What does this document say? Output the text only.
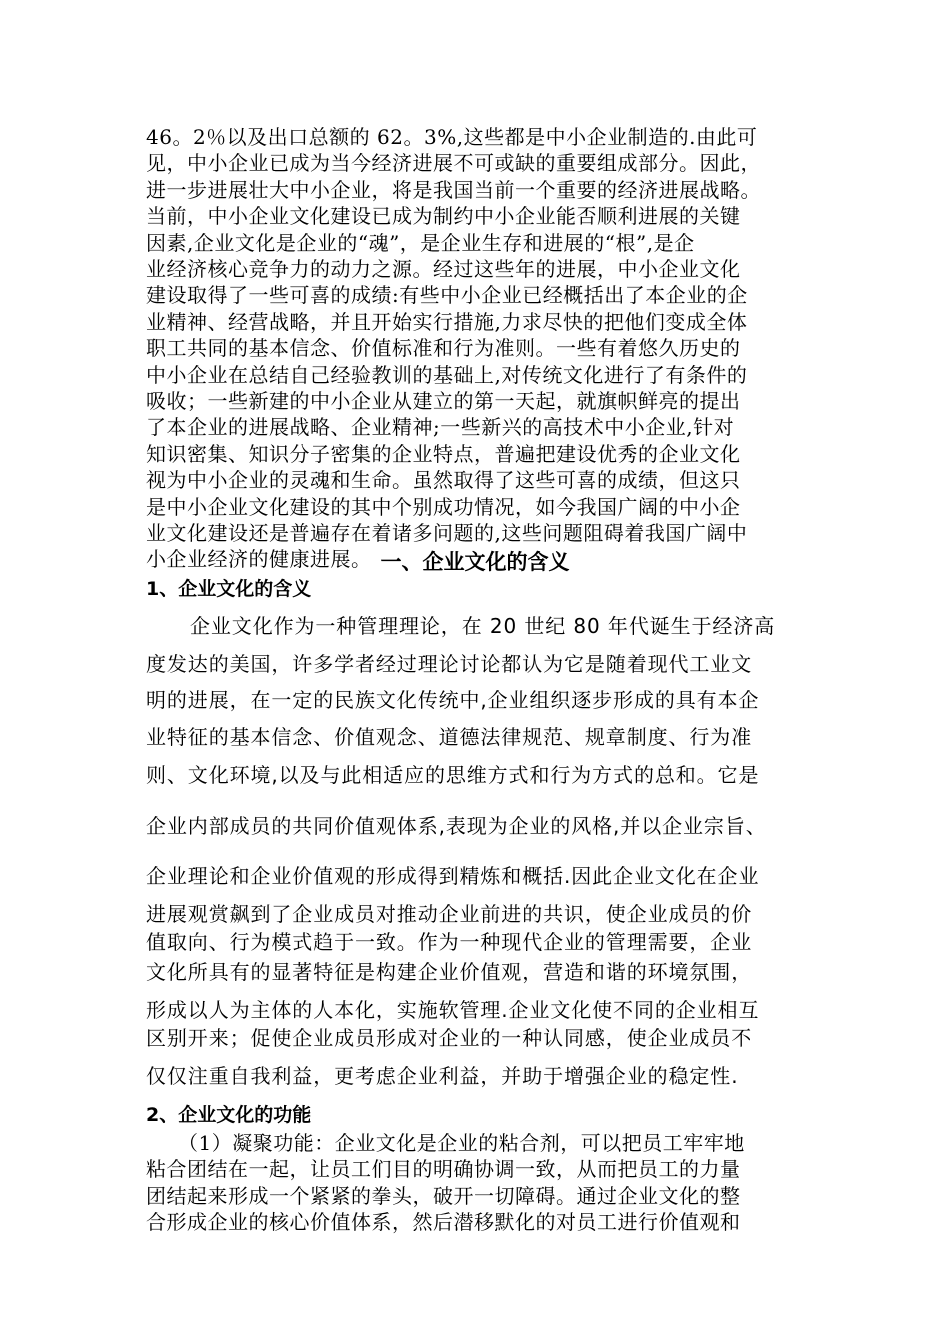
46。2％以及出口总额的 62。3%,这些都是中小企业制造的.由此可

见，中小企业已成为当今经济进展不可或缺的重要组成部分。因此，

进一步进展壮大中小企业，将是我国当前一个重要的经济进展战略。

当前，中小企业文化建设已成为制约中小企业能否顺利进展的关键

因素,企业文化是企业的“魂”，是企业生存和进展的“根”,是企

业经济核心竞争力的动力之源。经过这些年的进展，中小企业文化

建设取得了一些可喜的成绩:有些中小企业已经概括出了本企业的企

业精神、经营战略，并且开始实行措施,力求尽快的把他们变成全体

职工共同的基本信念、价值标准和行为准则。一些有着悠久历史的

中小企业在总结自己经验教训的基础上,对传统文化进行了有条件的

吸收；一些新建的中小企业从建立的第一天起，就旗帜鲜亮的提出

了本企业的进展战略、企业精神;一些新兴的高技术中小企业,针对

知识密集、知识分子密集的企业特点，普遍把建设优秀的企业文化

视为中小企业的灵魂和生命。虽然取得了这些可喜的成绩，但这只

是中小企业文化建设的其中个别成功情况，如今我国广阔的中小企

业文化建设还是普遍存在着诸多问题的,这些问题阻碍着我国广阔中

小企业经济的健康进展。 一、企业文化的含义

1、企业文化的含义

企业文化作为一种管理理论，在 20 世纪 80 年代诞生于经济高

度发达的美国，许多学者经过理论讨论都认为它是随着现代工业文

明的进展，在一定的民族文化传统中,企业组织逐步形成的具有本企

业特征的基本信念、价值观念、道德法律规范、规章制度、行为准

则、文化环境,以及与此相适应的思维方式和行为方式的总和。它是

企业内部成员的共同价值观体系,表现为企业的风格,并以企业宗旨、

企业理论和企业价值观的形成得到精炼和概括.因此企业文化在企业

进展观赏飙到了企业成员对推动企业前进的共识，使企业成员的价

值取向、行为模式趋于一致。作为一种现代企业的管理需要，企业

文化所具有的显著特征是构建企业价值观，营造和谐的环境氛围，

形成以人为主体的人本化，实施软管理.企业文化使不同的企业相互

区别开来；促使企业成员形成对企业的一种认同感，使企业成员不

仅仅注重自我利益，更考虑企业利益，并助于增强企业的稳定性.

2、企业文化的功能

（1）凝聚功能：企业文化是企业的粘合剂，可以把员工牢牢地

粘合团结在一起，让员工们目的明确协调一致，从而把员工的力量

团结起来形成一个紧紧的拳头，破开一切障碍。通过企业文化的整

合形成企业的核心价值体系，然后潜移默化的对员工进行价值观和
